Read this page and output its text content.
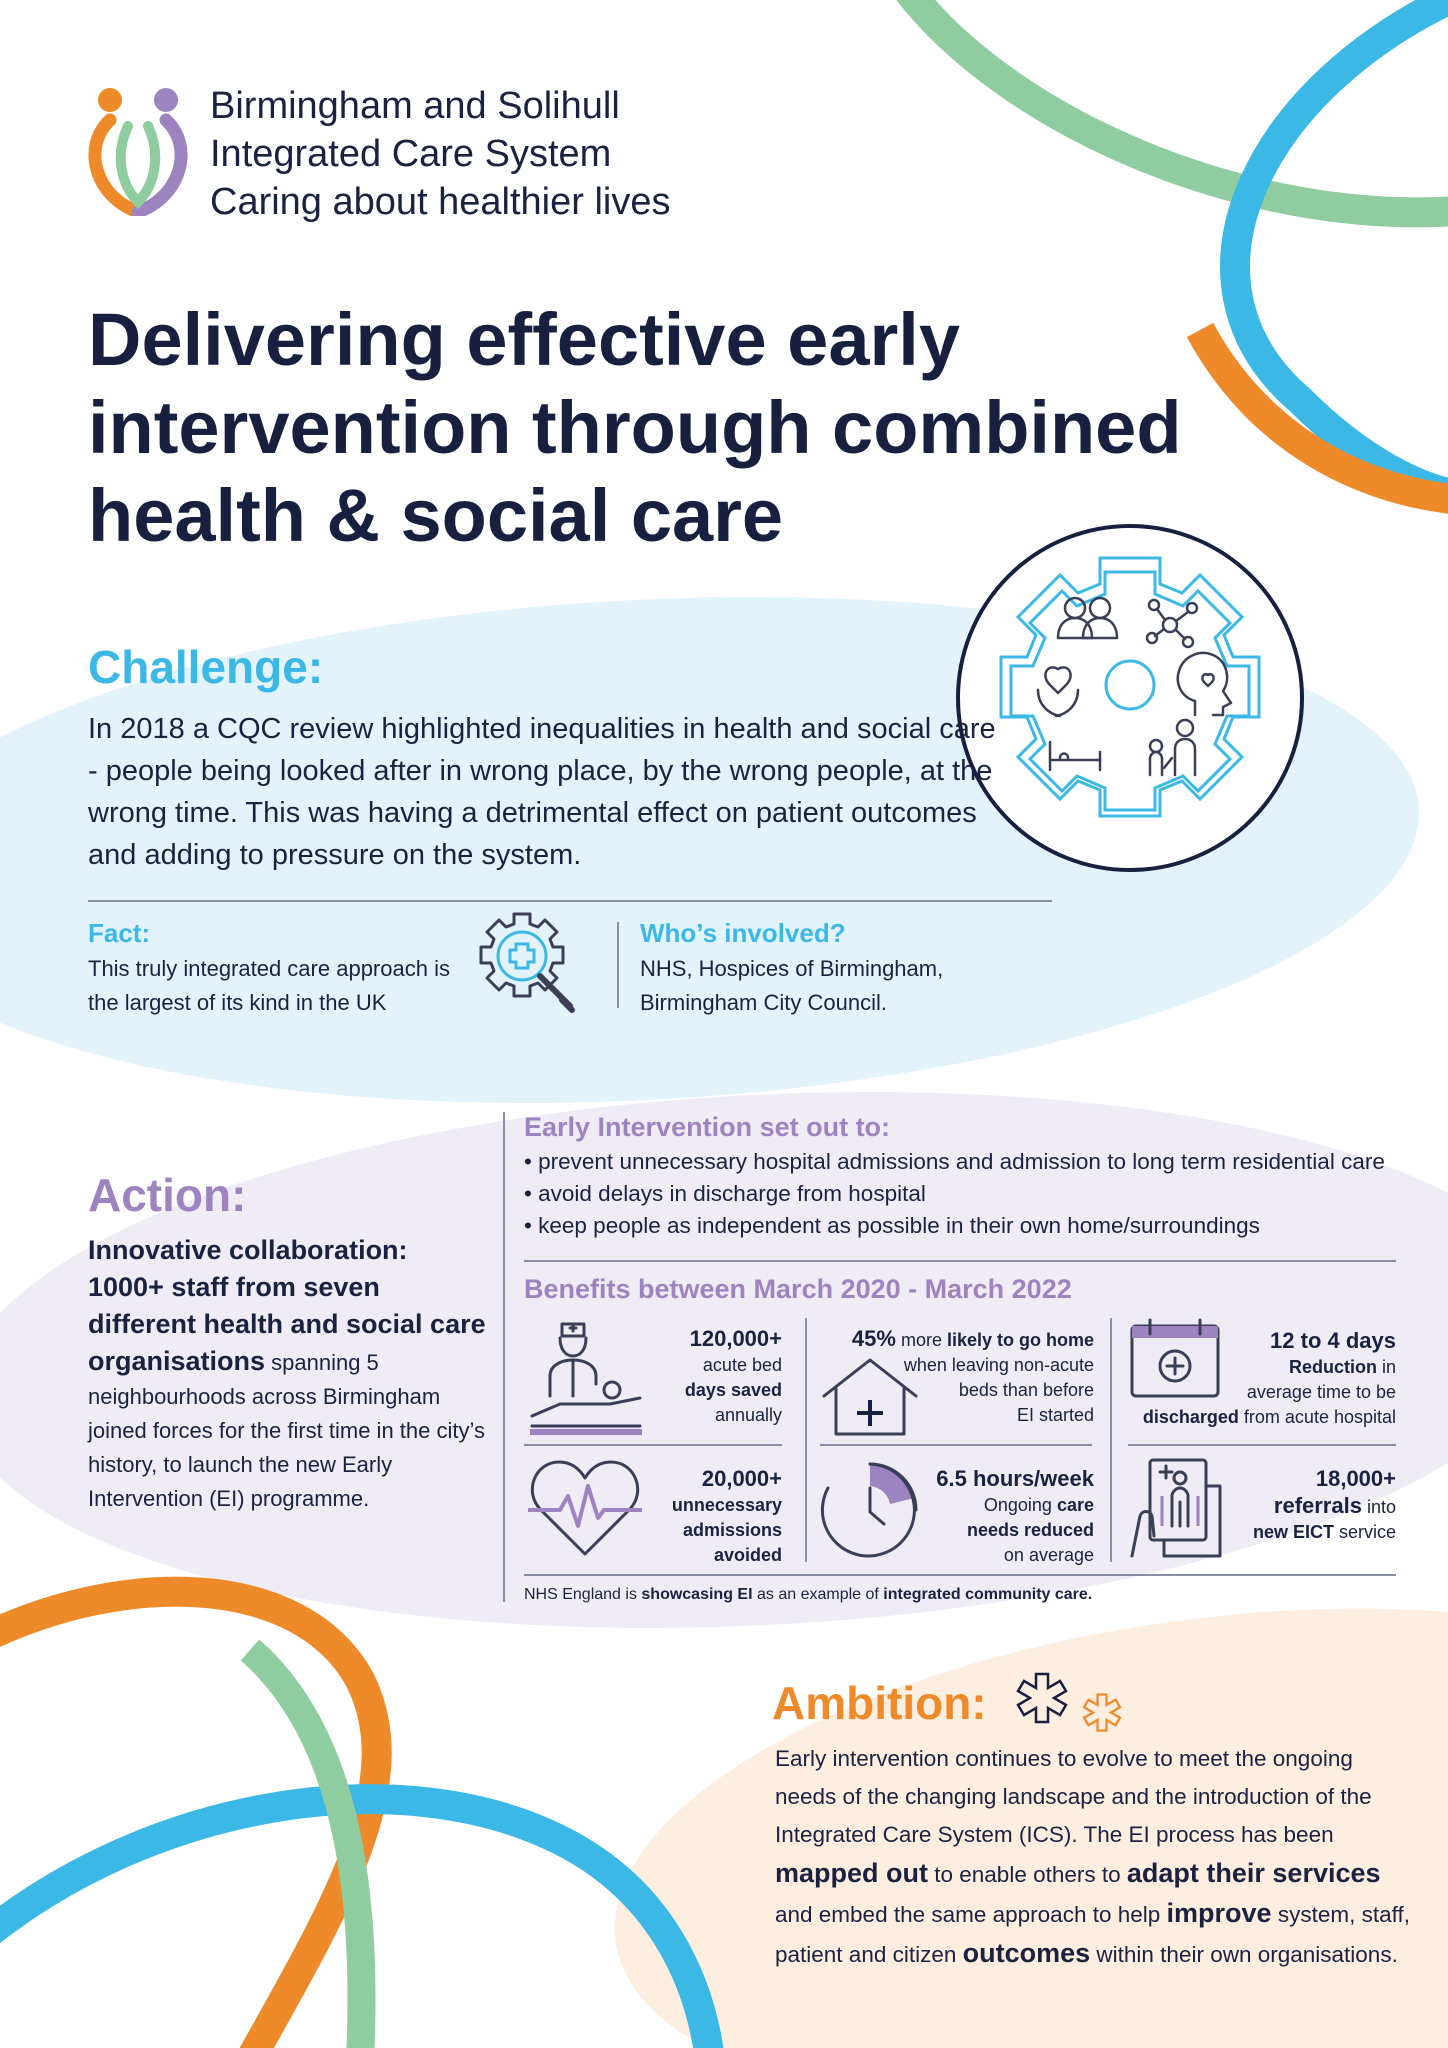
Birmingham and Solihull
Integrated Care System
Caring about healthier lives
Delivering effective early
intervention through combined
health & social care
Challenge:
In 2018 a CQC review highlighted inequalities in health and social care - people being looked after in wrong place, by the wrong people, at the wrong time. This was having a detrimental effect on patient outcomes and adding to pressure on the system.
Fact:
This truly integrated care approach is the largest of its kind in the UK
Who’s involved?
NHS, Hospices of Birmingham, Birmingham City Council.
Action:
Innovative collaboration: 1000+ staff from seven different health and social care organisations spanning 5 neighbourhoods across Birmingham joined forces for the first time in the city’s history, to launch the new Early Intervention (EI) programme.
Early Intervention set out to:
• prevent unnecessary hospital admissions and admission to long term residential care
• avoid delays in discharge from hospital
• keep people as independent as possible in their own home/surroundings
Benefits between March 2020 - March 2022
120,000+
acute bed
days saved
annually
45% more likely to go home
when leaving non-acute
beds than before
EI started
12 to 4 days
Reduction in
average time to be
discharged from acute hospital
20,000+
unnecessary
admissions
avoided
6.5 hours/week
Ongoing care
needs reduced
on average
18,000+
referrals into
new EICT service
NHS England is showcasing EI as an example of integrated community care.
Ambition:
Early intervention continues to evolve to meet the ongoing needs of the changing landscape and the introduction of the Integrated Care System (ICS). The EI process has been mapped out to enable others to adapt their services and embed the same approach to help improve system, staff, patient and citizen outcomes within their own organisations.
